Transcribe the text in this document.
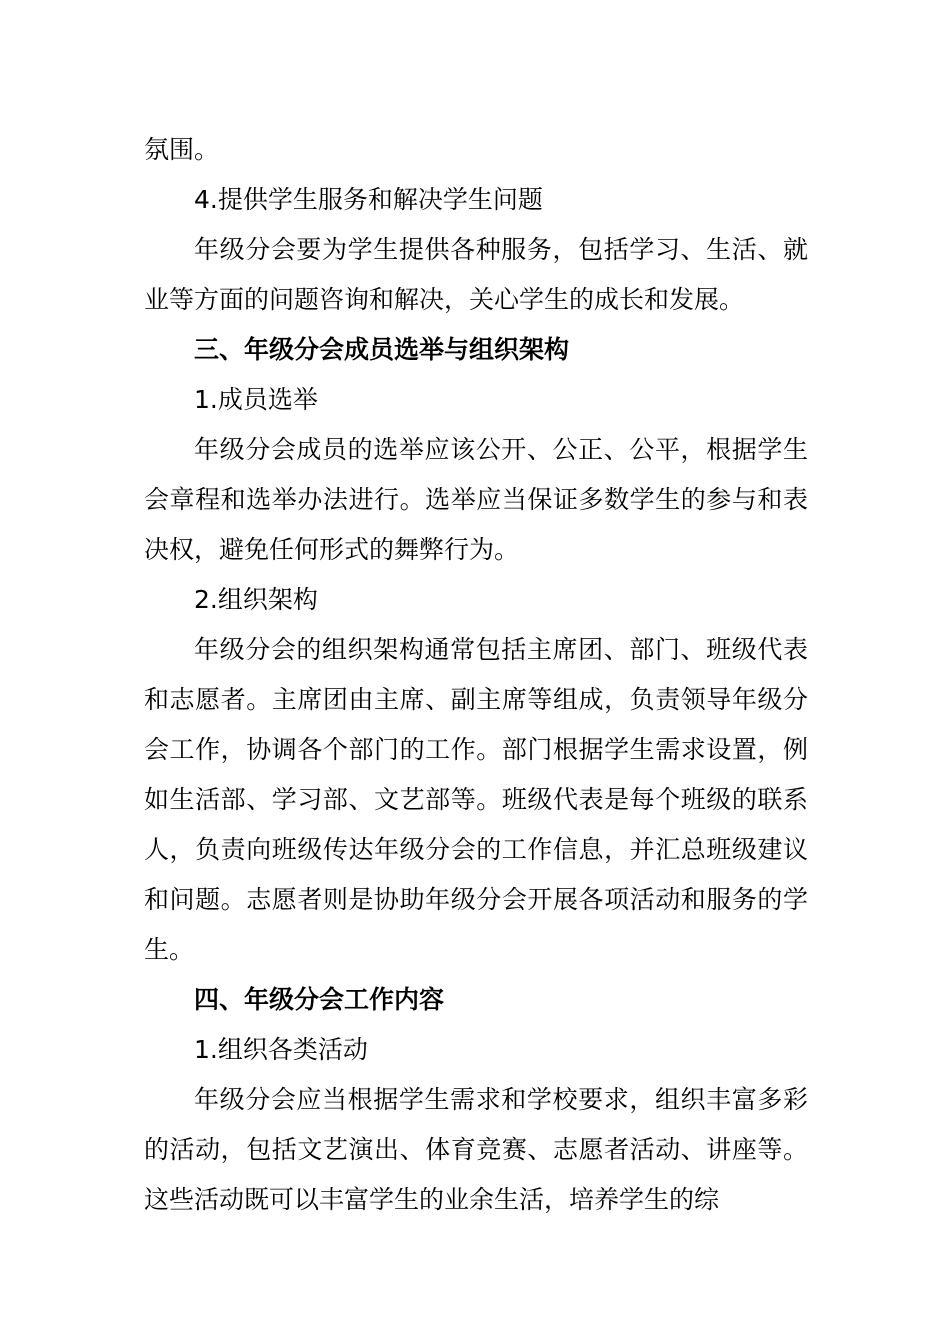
氛围。

4.提供学生服务和解决学生问题

年级分会要为学生提供各种服务，包括学习、生活、就业等方面的问题咨询和解决，关心学生的成长和发展。

三、年级分会成员选举与组织架构

1.成员选举

年级分会成员的选举应该公开、公正、公平，根据学生会章程和选举办法进行。选举应当保证多数学生的参与和表决权，避免任何形式的舞弊行为。

2.组织架构

年级分会的组织架构通常包括主席团、部门、班级代表和志愿者。主席团由主席、副主席等组成，负责领导年级分会工作，协调各个部门的工作。部门根据学生需求设置，例如生活部、学习部、文艺部等。班级代表是每个班级的联系人，负责向班级传达年级分会的工作信息，并汇总班级建议和问题。志愿者则是协助年级分会开展各项活动和服务的学生。

四、年级分会工作内容

1.组织各类活动

年级分会应当根据学生需求和学校要求，组织丰富多彩的活动，包括文艺演出、体育竞赛、志愿者活动、讲座等。这些活动既可以丰富学生的业余生活，培养学生的综
